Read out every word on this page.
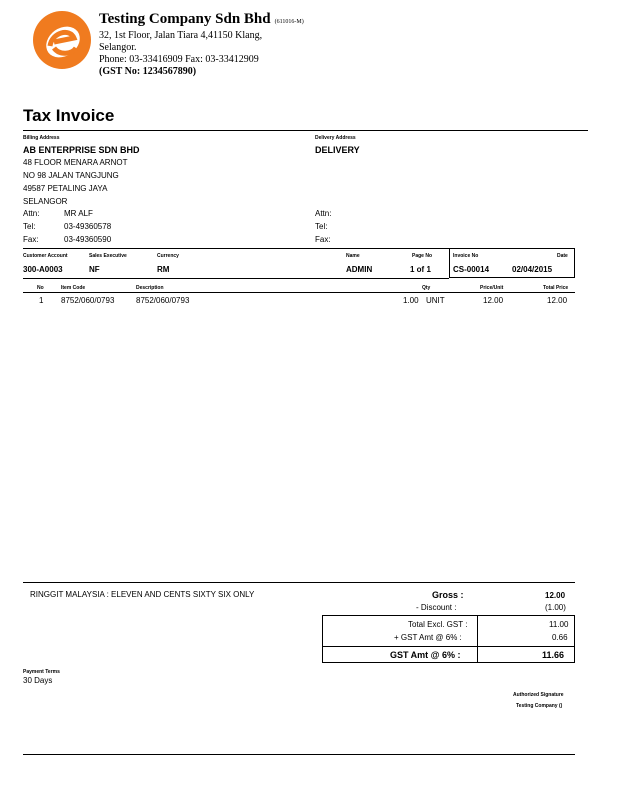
Testing Company Sdn Bhd (611016-M)
32, 1st Floor, Jalan Tiara 4,41150 Klang,
Selangor.
Phone: 03-33416909 Fax: 03-33412909
(GST No: 1234567890)
Tax Invoice
Billing Address
AB ENTERPRISE SDN BHD
48 FLOOR MENARA ARNOT
NO 98 JALAN TANGJUNG
49587 PETALING JAYA
SELANGOR
Attn:	MR ALF
Tel:	03-49360578
Fax:	03-49360590
Delivery Address
DELIVERY
Attn:
Tel:
Fax:
Customer Account
300-A0003
Sales Executive
NF
Currency
RM
Name
ADMIN
Page No
1 of 1
Invoice No
CS-00014
Date
02/04/2015
No	Item Code	Description	Qty	Price/Unit	Total Price
1 8752/060/0793	8752/060/0793	1.00 UNIT	12.00	12.00
RINGGIT MALAYSIA : ELEVEN AND CENTS SIXTY SIX ONLY	Gross :	12.00
- Discount :	(1.00)
Total Excl. GST :	11.00
+ GST Amt @ 6% :	0.66
GST Amt @ 6% :	11.66
Payment Terms
30 Days
Authorized Signature
Testing Company ()
